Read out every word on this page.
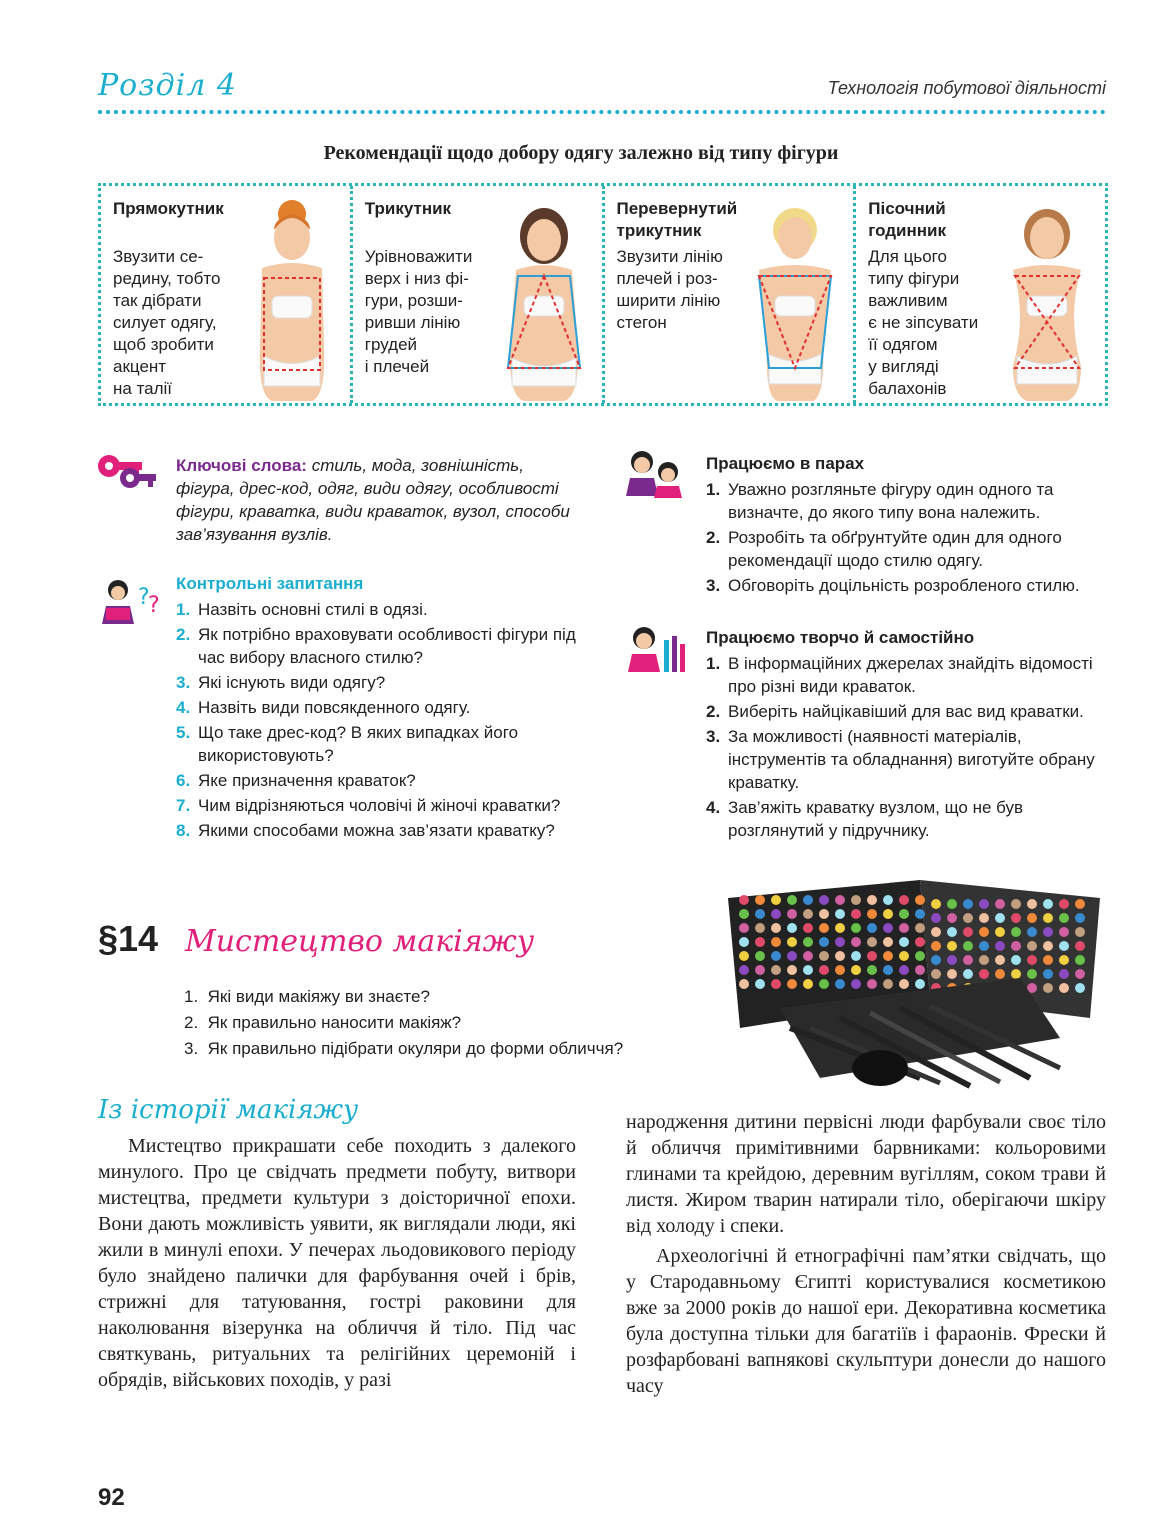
Розділ 4	Технологія побутової діяльності
Рекомендації щодо добору одягу залежно від типу фігури
Прямокутник
Звузити се-
редину, тобто
так дібрати
силует одягу,
щоб зробити
акцент
на талії
Трикутник
Урівноважити
верх і низ фі-
гури, розши-
ривши лінію
грудей
і плечей
Перевернутий трикутник
Звузити лінію
плечей і роз-
ширити лінію
стегон
Пісочний годинник
Для цього
типу фігури
важливим
є не зіпсувати
її одягом
у вигляді
балахонів
Ключові слова: стиль, мода, зовнішність, фігура, дрес-код, одяг, види одягу, особливості фігури, краватка, види краваток, вузол, способи зав’язування вузлів.
?
?
Контрольні запитання
1. Назвіть основні стилі в одязі.
2. Як потрібно враховувати особливості фігури під час вибору власного стилю?
3. Які існують види одягу?
4. Назвіть види повсякденного одягу.
5. Що таке дрес-код? В яких випадках його використовують?
6. Яке призначення краваток?
7. Чим відрізняються чоловічі й жіночі краватки?
8. Якими способами можна зав’язати краватку?
Працюємо в парах
1. Уважно розгляньте фігуру один одного та визначте, до якого типу вона належить.
2. Розробіть та обґрунтуйте один для одного рекомендації щодо стилю одягу.
3. Обговоріть доцільність розробленого стилю.
Працюємо творчо й самостійно
1. В інформаційних джерелах знайдіть відомості про різні види краваток.
2. Виберіть найцікавіший для вас вид краватки.
3. За можливості (наявності матеріалів, інструментів та обладнання) виготуйте обрану краватку.
4. Зав’яжіть краватку вузлом, що не був розглянутий у підручнику.
§14 Мистецтво макіяжу
1. Які види макіяжу ви знаєте?
2. Як правильно наносити макіяж?
3. Як правильно підібрати окуляри до форми обличчя?
Із історії макіяжу
Мистецтво прикрашати себе походить з далекого минулого. Про це свідчать предмети побуту, витвори мистецтва, предмети культури з доісторичної епохи. Вони дають можливість уявити, як виглядали люди, які жили в минулі епохи. У печерах льодовикового періоду було знайдено палички для фарбування очей і брів, стрижні для татуювання, гострі раковини для наколювання візерунка на обличчя й тіло. Під час святкувань, ритуальних та релігійних церемоній і обрядів, військових походів, у разі
народження дитини первісні люди фарбували своє тіло й обличчя примітивними барвниками: кольоровими глинами та крейдою, деревним вугіллям, соком трави й листя. Жиром тварин натирали тіло, оберігаючи шкіру від холоду і спеки.
Археологічні й етнографічні пам’ятки свідчать, що у Стародавньому Єгипті користувалися косметикою вже за 2000 років до нашої ери. Декоративна косметика була доступна тільки для багатіїв і фараонів. Фрески й розфарбовані вапнякові скульптури донесли до нашого часу
92
